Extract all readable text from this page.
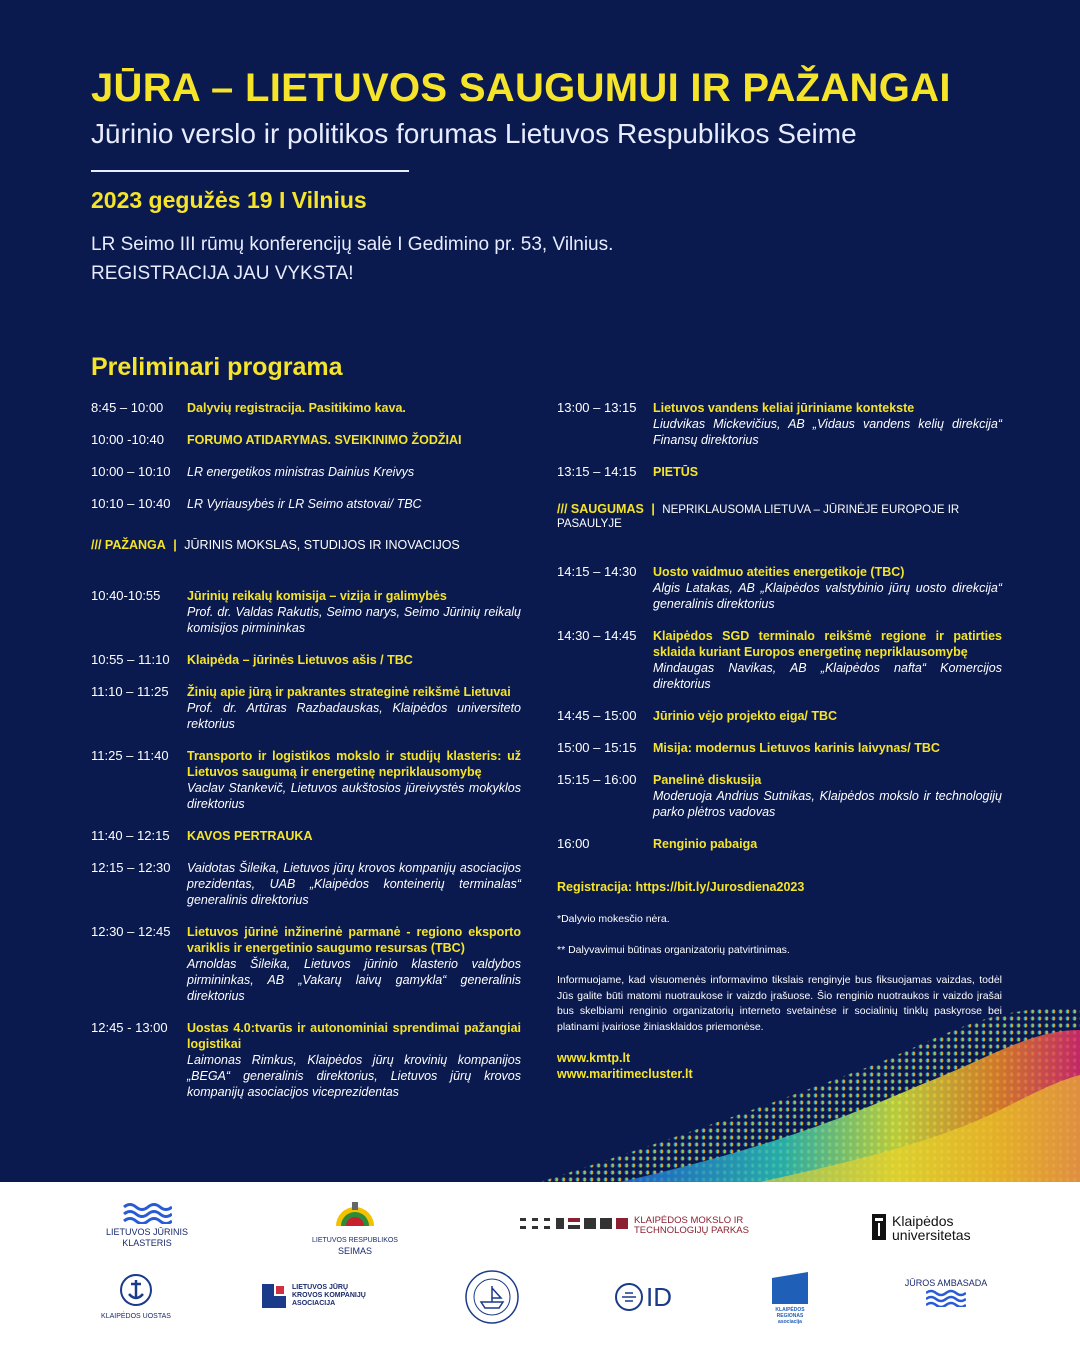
JŪRA – LIETUVOS SAUGUMUI IR PAŽANGAI
Jūrinio verslo ir politikos forumas Lietuvos Respublikos Seime
2023 gegužės 19 I Vilnius
LR Seimo III rūmų konferencijų salė I Gedimino pr. 53, Vilnius.
REGISTRACIJA JAU VYKSTA!
Preliminari programa
8:45 – 10:00	Dalyvių registracija. Pasitikimo kava.
10:00 -10:40	FORUMO ATIDARYMAS. SVEIKINIMO ŽODŽIAI
10:00 – 10:10	LR energetikos ministras Dainius Kreivys
10:10 – 10:40	LR Vyriausybės ir LR Seimo atstovai/ TBC
/// PAŽANGA | JŪRINIS MOKSLAS, STUDIJOS IR INOVACIJOS
10:40-10:55	Jūrinių reikalų komisija – vizija ir galimybės
Prof. dr. Valdas Rakutis, Seimo narys, Seimo Jūrinių reikalų komisijos pirmininkas
10:55 – 11:10	Klaipėda – jūrinės Lietuvos ašis / TBC
11:10 – 11:25	Žinių apie jūrą ir pakrantes strateginė reikšmė Lietuvai
Prof. dr. Artūras Razbadauskas, Klaipėdos universiteto rektorius
11:25 – 11:40	Transporto ir logistikos mokslo ir studijų klasteris: už Lietuvos saugumą ir energetinę nepriklausomybę
Vaclav Stankevič, Lietuvos aukštosios jūreivystės mokyklos direktorius
11:40 – 12:15	KAVOS PERTRAUKA
12:15 – 12:30	Vaidotas Šileika, Lietuvos jūrų krovos kompanijų asociacijos prezidentas, UAB „Klaipėdos konteinerių terminalas“ generalinis direktorius
12:30 – 12:45	Lietuvos jūrinė inžinerinė parmanė - regiono eksporto variklis ir energetinio saugumo resursas (TBC)
Arnoldas Šileika, Lietuvos jūrinio klasterio valdybos pirmininkas, AB „Vakarų laivų gamykla“ generalinis direktorius
12:45 - 13:00	Uostas 4.0:tvarūs ir autonominiai sprendimai pažangiai logistikai
Laimonas Rimkus, Klaipėdos jūrų krovinių kompanijos „BEGA“ generalinis direktorius, Lietuvos jūrų krovos kompanijų asociacijos viceprezidentas
13:00 – 13:15	Lietuvos vandens keliai jūriniame kontekste
Liudvikas Mickevičius, AB „Vidaus vandens kelių direkcija“ Finansų direktorius
13:15 – 14:15	PIETŪS
/// SAUGUMAS | NEPRIKLAUSOMA LIETUVA – JŪRINĖJE EUROPOJE IR PASAULYJE
14:15 – 14:30	Uosto vaidmuo ateities energetikoje (TBC)
Algis Latakas, AB „Klaipėdos valstybinio jūrų uosto direkcija“ generalinis direktorius
14:30 – 14:45	Klaipėdos SGD terminalo reikšmė regione ir patirties sklaida kuriant Europos energetinę nepriklausomybę
Mindaugas Navikas, AB „Klaipėdos nafta“ Komercijos direktorius
14:45 – 15:00	Jūrinio vėjo projekto eiga/ TBC
15:00 – 15:15	Misija: modernus Lietuvos karinis laivynas/ TBC
15:15 – 16:00	Panelinė diskusija
Moderuoja Andrius Sutnikas, Klaipėdos mokslo ir technologijų parko plėtros vadovas
16:00	Renginio pabaiga
Registracija: https://bit.ly/Jurosdiena2023
*Dalyvio mokesčio nėra.
** Dalyvavimui būtinas organizatorių patvirtinimas.
Informuojame, kad visuomenės informavimo tikslais renginyje bus fiksuojamas vaizdas, todėl Jūs galite būti matomi nuotraukose ir vaizdo įrašuose. Šio renginio nuotraukos ir vaizdo įrašai bus skelbiami renginio organizatorių interneto svetainėse ir socialinių tinklų paskyrose bei platinami įvairiose žiniasklaidos priemonėse.
www.kmtp.lt
www.maritimecluster.lt
LIETUVOS JŪRINIS
KLASTERIS	LIETUVOS RESPUBLIKOS
SEIMAS
KLAIPĖDOS MOKSLO IR
TECHNOLOGIJŲ PARKAS
Klaipėdos
universitetas
KLAIPĖDOS UOSTAS
LIETUVOS JŪRŲ
KROVOS KOMPANIJŲ
ASOCIACIJA	ID	KLAIPĖDOS
REGIONAS
asociacija
JŪROS AMBASADA
